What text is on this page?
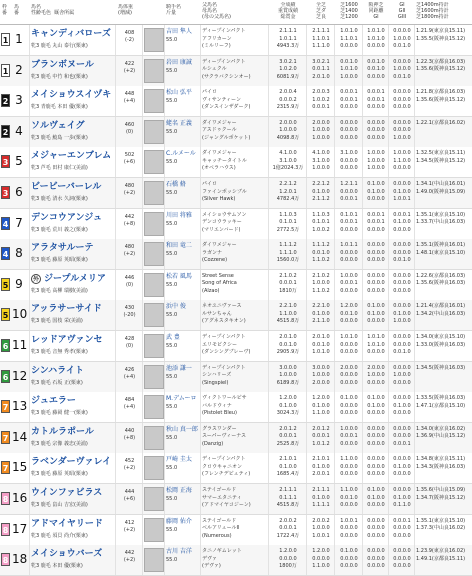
枠
番
馬
番
馬名
性齢毛色  厩舎所属
馬体重
(増減)
騎手名
斤量
父馬名
母馬名
(母の父馬名)
全成績
重賞成績
総賞金
全芝
芝ダ
芝良
芝1600
芝1400
芝1200
阪神芝
同距離
GI
GI
GII
GIII
芝1400m持計
芝1600m持計
芝1800m持計
1 1 キャンディバローズ
牝3 鹿毛 丸山 泰行(栗東)
408
(-2)
吉田 隼人
55.0
ディープインパクト
アフリカーン
(ミルリーフ)
2.1.1.1
1.0.1.1
4943.3万
2.1.1.1
1.1.0.1
1.1.1.0
1.0.1.0
1.1.0.1
0.0.0.0
1.0.1.0
1.0.1.0
0.0.0.0
0.0.0.0
1.0.0.0
0.0.1.0
1.21.9(東京良15.11)
1.35.5(阪神良15.12)
1 2 ブランボヌール
牝3 鹿毛 中竹 和也(栗東)
422
(+2)
岩田 康誠
55.0
ディープインパクト
ルシュクル
(サクラバクシンオー)
3.0.2.1
1.0.2.0
6081.9万
3.0.2.1
0.0.1.1
2.0.1.0
0.0.1.0
1.0.1.0
1.0.0.0
0.0.1.0
0.0.1.0
0.0.0.0
0.0.0.0
1.0.0.0
0.0.1.0
1.22.3(京都良16.03)
1.35.6(阪神良15.12)
2 3 メイショウスイヅキ
牝3 青鹿毛 本田 優(栗東)
448
(+4)
松山 弘平
55.0
パイロ
ヴィサンティーン
(ダンスインザダーク)
2.0.0.4
0.0.0.2
2315.9万
2.0.0.3
1.0.0.2
0.0.0.1
0.0.0.1
0.0.0.1
0.0.0.0
0.0.0.1
0.0.0.1
0.0.0.0
0.0.0.0
0.0.0.0
0.0.0.0
1.21.8(京都良16.03)
1.35.6(阪神良15.12)
2 4 ソルヴェイグ
牝3 鹿毛 鮫島 一歩(栗東)
460
(0)
蛯名 正義
55.0
ダイワメジャー
アスドゥクール
(ジャングルポケット)
2.0.0.0
1.0.0.0
4098.8万
2.0.0.0
1.0.0.0
1.0.0.0
0.0.0.0
0.0.0.0
0.0.0.0
0.0.0.0
0.0.0.0
0.0.0.0
0.0.0.0
0.0.0.0
1.0.0.0
1.22.1(京都良16.02)
3 5 メジャーエンブレム
牝3 芦毛 田村 康仁(美浦)
502
(+6)
C.ルメール
55.0
ダイワメジャー
キャッチータイトル
(オペラハウス)
4.1.0.0
3.1.0.0
1億2024.3万
4.1.0.0
3.1.0.0
1.0.0.0
3.1.0.0
0.0.0.0
0.0.0.0
1.0.0.0
1.0.0.0
1.0.0.0
1.0.0.0
1.1.0.0
0.0.0.0
1.32.5(東京良15.11)
1.34.5(阪神良15.12)
3 6 ビービーバーレル
牝3 鹿毛 清水 久詞(栗東)
480
(+2)
石橋 脩
55.0
パイロ
ファインポッシブル
(Silver Hawk)
2.2.1.2
1.2.0.1
4782.4万
2.2.1.2
0.1.0.0
2.1.1.2
1.2.1.1
0.0.0.0
0.0.0.1
0.1.0.0
0.1.0.0
0.0.0.0
0.0.0.0
0.1.0.0
1.0.0.1
1.34.1(中山良16.01)
1.49.0(阪神良15.09)
4 7 デンコウアンジュ
牝3 鹿毛 荒川 義之(栗東)
442
(+8)
川田 将雅
55.0
メイショウサムソン
デンコウラッキー
(マリエンバード)
1.1.0.3
0.1.0.1
2772.5万
1.1.0.3
0.1.0.1
1.0.0.2
0.1.0.1
0.0.0.1
0.0.0.0
0.0.0.1
0.0.0.1
0.0.0.0
0.0.0.1
0.1.0.0
0.0.0.0
1.35.1(東京良15.10)
1.33.7(中山良16.03)
4 8 アラタサルーテ
牝3 鹿毛 藤原 英昭(栗東)
480
(+2)
和田 竜二
55.0
ダイワメジャー
ラガンナ
(Cozzene)
1.1.1.2
1.1.1.0
1560.0万
1.1.1.2
0.0.1.0
1.1.0.2
1.0.1.1
0.0.0.0
0.0.0.0
0.0.0.0
0.0.0.0
0.0.0.0
0.0.0.0
0.0.0.0
0.0.1.0
1.35.1(阪神良16.01)
1.48.1(東京良15.10)
5 9	外 ジープルメリア
牝3 鹿毛 高柳 瑞樹(美浦)
446
(0)
松若 風馬
55.0
Street Sense
Song of Africa
(Alzao)
2.1.0.2
0.0.0.1
1810万
2.1.0.2
1.0.0.0
1.1.0.2
1.0.0.0
0.0.0.1
0.0.0.0
0.0.0.0
0.0.0.0
0.0.0.0
0.0.0.0
0.0.0.0
0.0.0.0
1.22.6(京都良16.03)
1.35.6(阪神良16.03)
5 10 アッラサーサイド
牝3 鹿毛 国枝 栄(美浦)
430
(-20)
浜中 俊
55.0
ネオユニヴァース
ルサンちゃん
(アグネスタキオン)
2.2.1.0
1.1.0.0
4515.8万
2.2.1.0
0.1.0.0
2.1.1.0
1.2.0.0
0.0.1.0
0.0.0.0
0.1.0.0
0.1.0.0
0.0.0.0
0.0.0.0
0.1.0.0
1.0.0.0
1.21.4(京都良16.01)
1.34.2(中山良16.03)
6 11 レッドアヴァンセ
牝3 鹿毛 音無 秀孝(栗東)
428
(0)
武 豊
55.0
ディープインパクト
エリモピクシー
(ダンシングブレーヴ)
2.0.1.0
0.0.1.0
2905.9万
2.0.1.0
0.0.1.0
1.0.1.0
1.0.1.0
0.0.0.0
0.0.0.0
1.0.1.0
1.0.1.0
0.0.0.0
0.0.0.0
0.0.0.0
0.0.1.0
1.34.0(東京良15.10)
1.33.0(阪神良16.03)
6 12 シンハライト
牝3 鹿毛 石坂 正(栗東)
426
(+4)
池添 謙一
55.0
ディープインパクト
シンハリーズ
(Singspiel)
3.0.0.0
1.0.0.0
6189.8万
3.0.0.0
1.0.0.0
2.0.0.0
2.0.0.0
0.0.0.0
0.0.0.0
2.0.0.0
1.0.0.0
0.0.0.0
0.0.0.0
1.0.0.0
0.0.0.0
1.34.5(阪神良16.03)
7 13 ジュエラー
牝3 鹿毛 藤岡 健一(栗東)
484
(+4)
M.デムーロ
55.0
ヴィクトワールピサ
バルドウィナ
(Pistolet Bleu)
1.2.0.0
0.1.0.0
3024.3万
1.2.0.0
0.1.0.0
1.1.0.0
0.1.0.0
0.0.0.0
0.0.0.0
0.1.0.0
0.1.0.0
0.0.0.0
0.0.0.0
0.1.0.0
0.0.0.0
1.33.5(阪神良16.03)
1.47.1(京都良15.10)
7 14 カトルラポール
牝3 鹿毛 宗像 義忠(美浦)
440
(+8)
秋山 真一郎
55.0
グラスワンダー
スーパーヴィーナス
(Danzig)
2.0.1.2
0.0.0.1
2525.8万
2.0.1.2
0.0.0.1
1.0.1.2
1.0.0.0
0.0.0.1
0.0.0.0
0.0.0.0
0.0.0.0
0.0.0.0
0.0.0.0
0.0.0.0
0.0.0.1
1.34.0(東京良16.02)
1.36.9(中山良15.12)
7 15 ラベンダーヴァレイ
牝3 鹿毛 藤原 英昭(栗東)
452
(+2)
戸崎 圭太
55.0
ディープインパクト
クロウキャニオン
(フレンチデピュティ)
2.1.0.1
0.1.0.0
1685.4万
2.1.0.1
0.1.0.0
2.0.0.1
1.1.0.0
0.0.0.0
0.0.0.0
0.0.0.0
0.0.0.0
0.0.0.0
0.0.0.0
0.1.0.0
0.0.0.0
1.34.8(東京良15.11)
1.34.3(阪神良16.03)
8 16 ウインファビラス
牝3 鹿毛 畠山 吉宏(美浦)
444
(+6)
松岡 正海
55.0
ステイゴールド
サマーエタニティ
(アドマイヤコジーン)
2.1.1.1
0.1.1.1
4515.8万
2.1.1.1
0.1.0.0
1.1.1.1
1.1.0.0
0.0.1.0
0.0.0.0
0.1.0.0
0.1.0.0
0.0.0.0
0.0.0.0
0.1.0.0
0.1.1.0
1.35.6(中山良15.09)
1.34.7(阪神良15.12)
8 17 アドマイヤリード
牝3 鹿毛 須貝 尚介(栗東)
412
(+2)
藤岡 佑介
55.0
ステイゴールド
ベルアリュールⅡ
(Numerous)
2.0.0.2
0.0.0.1
1722.4万
2.0.0.2
1.0.0.0
1.0.0.1
1.0.0.1
0.0.0.0
0.0.0.0
0.0.0.0
0.0.0.0
0.0.0.0
0.0.0.1
0.0.0.0
0.0.0.0
1.35.1(東京良15.10)
1.37.3(中山良16.02)
8 18 メイショウバーズ
牝3 鹿毛 本田 優(栗東)
442
(+2)
古川 吉洋
55.0
タニノギムレット
デヴァ
(デヴァ)
1.2.0.0
0.0.0.0
1800万
1.2.0.0
0.0.0.0
1.1.0.0
0.1.0.0
0.0.0.0
0.0.0.0
0.0.0.0
0.0.0.0
0.0.0.0
0.0.0.0
0.0.0.0
0.0.0.0
1.23.9(東京良16.02)
1.49.1(京都良15.11)
